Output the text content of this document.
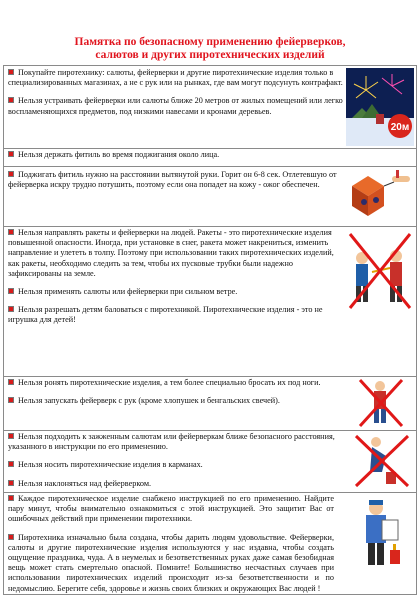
Памятка по безопасному применению фейерверков,
салютов и других пиротехнических изделий
Покупайте пиротехнику: салюты, фейерверки и другие пиротехнические изделия только в специализированных магазинах, а не с рук или на рынках, где вам могут подсунуть контрафакт.
Нельзя устраивать фейерверки или салюты ближе 20 метров от жилых помещений или легко воспламеняющихся предметов, под низкими навесами и кронами деревьев.
20м
Нельзя держать фитиль во время поджигания около лица.
Поджигать фитиль нужно на расстоянии вытянутой руки. Горит он 6-8 сек. Отлетевшую от фейерверка искру трудно потушить, поэтому если она попадет на кожу - ожог обеспечен.
Нельзя направлять ракеты и фейерверки на людей. Ракеты - это пиротехнические изделия повышенной опасности. Иногда, при установке в снег, ракета может накрениться, изменить направление и улететь в толпу. Поэтому при использовании таких пиротехнических изделий, как ракеты, необходимо следить за тем, чтобы их пусковые трубки были надежно зафиксированы на земле.
Нельзя применять салюты или фейерверки при сильном ветре.
Нельзя разрешать детям баловаться с пиротехникой. Пиротехнические изделия - это не игрушка для детей!
Нельзя ронять пиротехнические изделия, а тем более специально бросать их под ноги.
Нельзя запускать фейерверк с рук (кроме хлопушек и бенгальских свечей).
Нельзя подходить к зажженным салютам или фейерверкам ближе безопасного расстояния, указанного в инструкции по его применению.
Нельзя носить пиротехнические изделия в карманах.
Нельзя наклоняться над фейерверком.
Каждое пиротехническое изделие снабжено инструкцией по его применению. Найдите пару минут, чтобы внимательно ознакомиться с этой инструкцией. Это защитит Вас от ошибочных действий при применении пиротехники.
Пиротехника изначально была создана, чтобы дарить людям удовольствие. Фейерверки, салюты и другие пиротехнические изделия используются у нас издавна, чтобы создать ощущение праздника, чуда. А в неумелых и безответственных руках даже самая безобидная вещь может стать смертельно опасной. Помните! Большинство несчастных случаев при использовании пиротехнических изделий происходит из-за безответственности и по недомыслию. Берегите себя, здоровье и жизнь своих близких и окружающих Вас людей !
